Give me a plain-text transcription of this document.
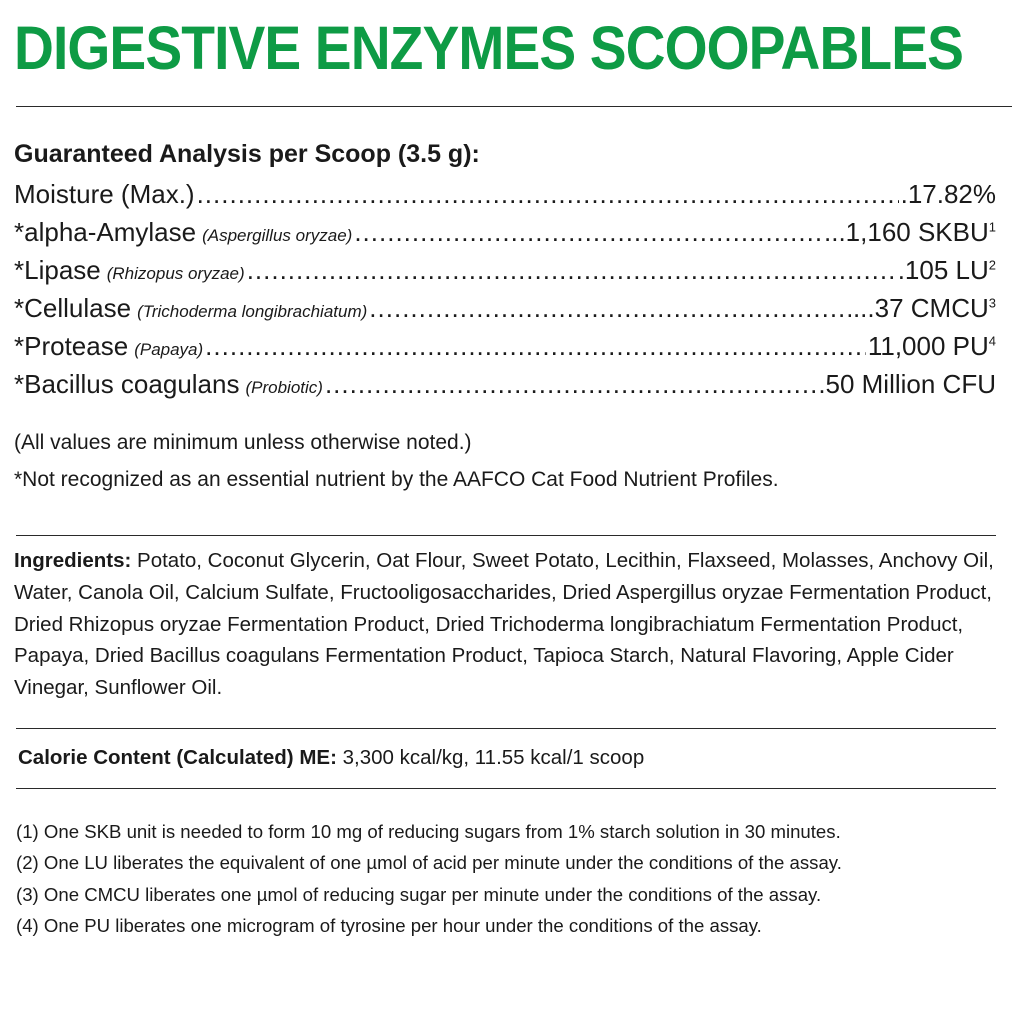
DIGESTIVE ENZYMES SCOOPABLES
Guaranteed Analysis per Scoop (3.5 g):
Moisture (Max.) .....	.17.82%
*alpha-Amylase (Aspergillus oryzae) .....	...1,160 SKBU$^1$
*Lipase (Rhizopus oryzae) .....	.105 $LU^2$
*Cellulase (Trichoderma longibrachiatum) .....	...37 CMCU$^3$
*Protease (Papaya) .....	11,000 $PU^4$
*Bacillus coagulans (Probiotic) .....	50 Million CFU
(All values are minimum unless otherwise noted.)
*Not recognized as an essential nutrient by the AAFCO Cat Food Nutrient Profiles.

Ingredients: Potato, Coconut Glycerin, Oat Flour, Sweet Potato, Lecithin, Flaxseed, Molasses, Anchovy Oil, Water, Canola Oil, Calcium Sulfate, Fructooligosaccharides, Dried Aspergillus oryzae Fermentation Product, Dried Rhizopus oryzae Fermentation Product, Dried Trichoderma longibrachiatum Fermentation Product, Papaya, Dried Bacillus coagulans Fermentation Product, Tapioca Starch, Natural Flavoring, Apple Cider Vinegar, Sunflower Oil.

Calorie Content (Calculated) ME: 3,300 kcal/kg, 11.55 kcal/1 scoop
(1) One SKB unit is needed to form 10 mg of reducing sugars from 1% starch solution in 30 minutes.
(2) One LU liberates the equivalent of one µmol of acid per minute under the conditions of the assay.
(3) One CMCU liberates one µmol of reducing sugar per minute under the conditions of the assay.
(4) One PU liberates one microgram of tyrosine per hour under the conditions of the assay.
